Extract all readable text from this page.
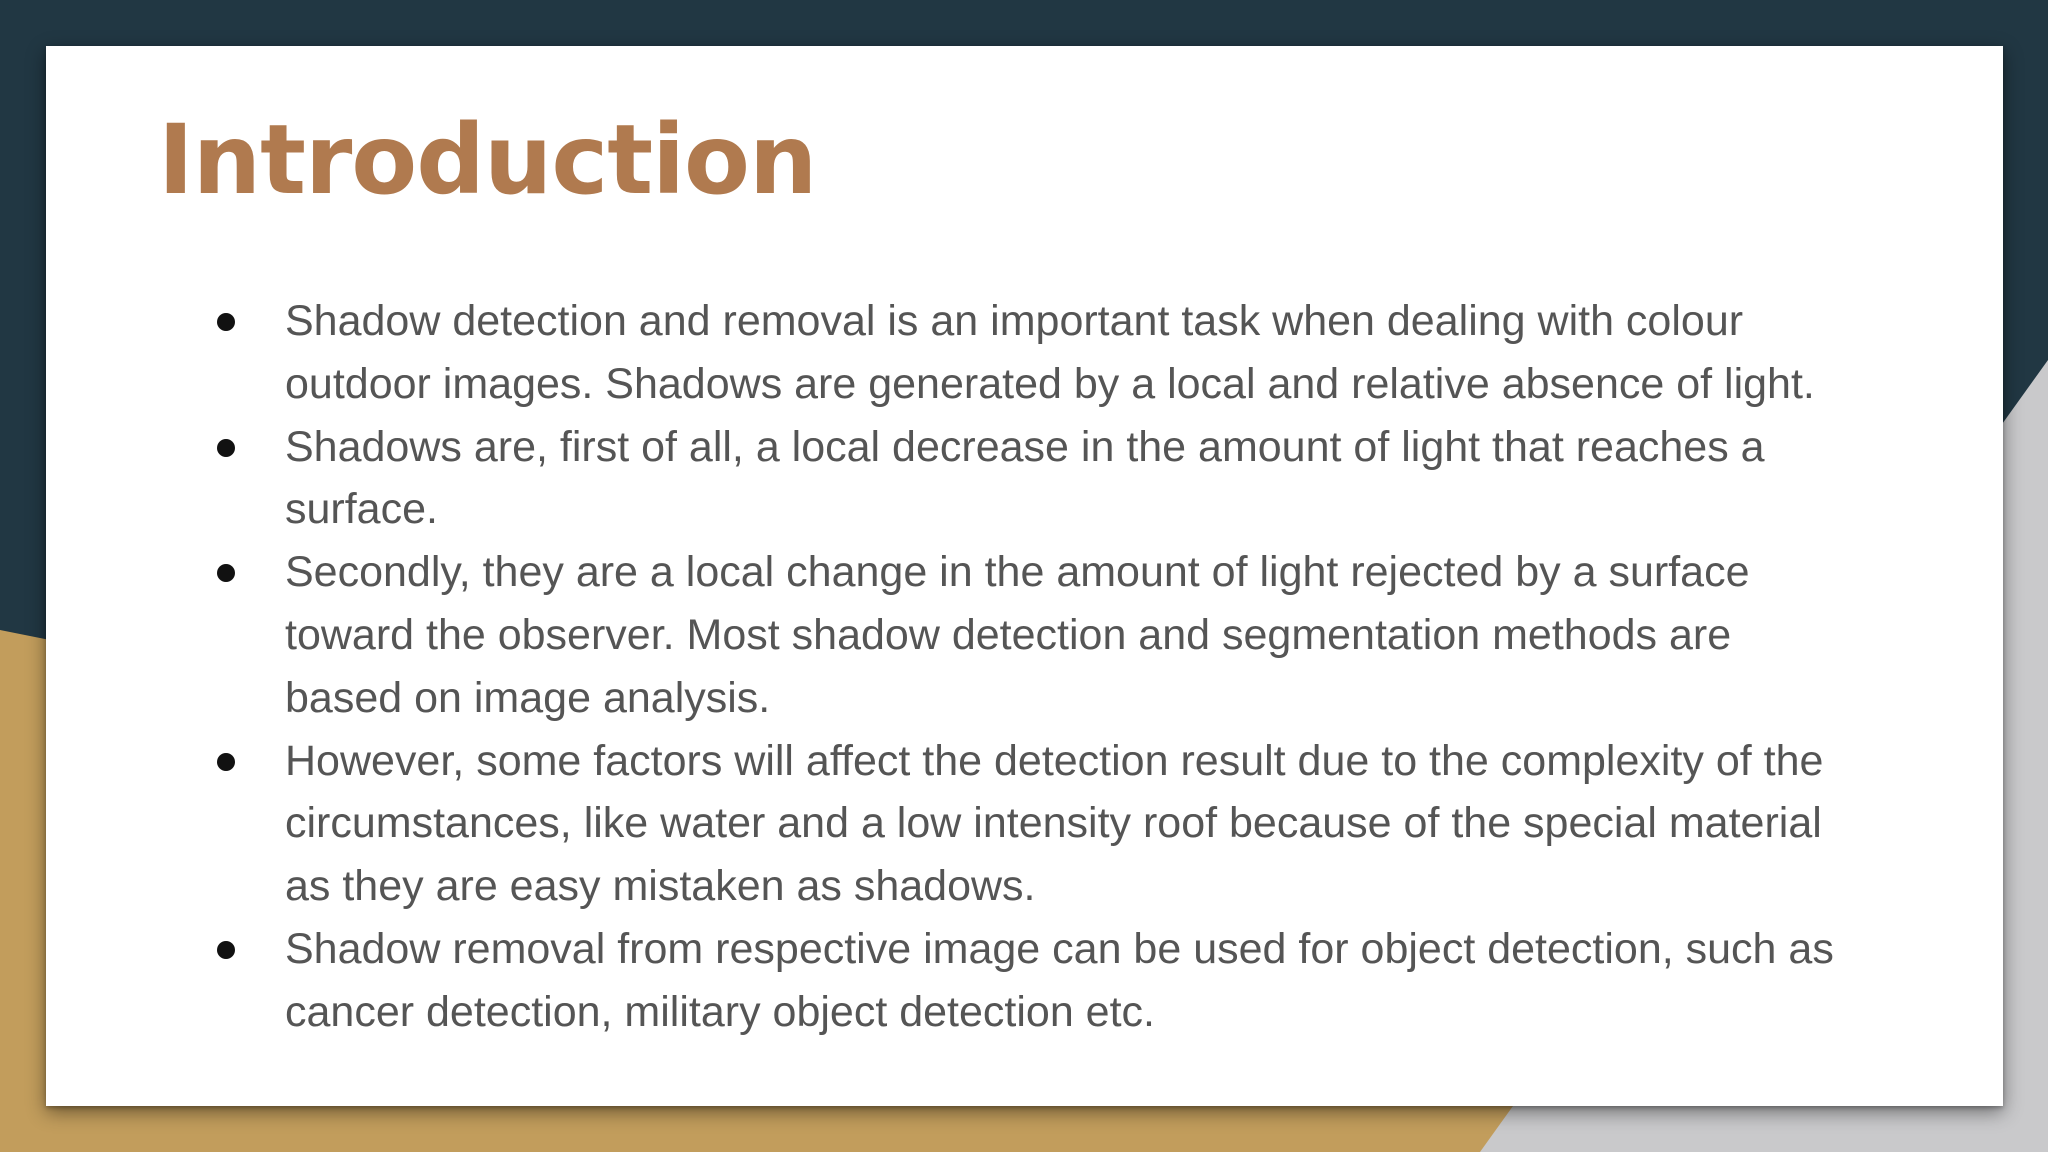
Introduction
Shadow detection and removal is an important task when dealing with colour outdoor images. Shadows are generated by a local and relative absence of light.
Shadows are, first of all, a local decrease in the amount of light that reaches a surface.
Secondly, they are a local change in the amount of light rejected by a surface toward the observer. Most shadow detection and segmentation methods are based on image analysis.
However, some factors will affect the detection result due to the complexity of the circumstances, like water and a low intensity roof because of the special material as they are easy mistaken as shadows.
Shadow removal from respective image can be used for object detection, such as cancer detection, military object detection etc.
